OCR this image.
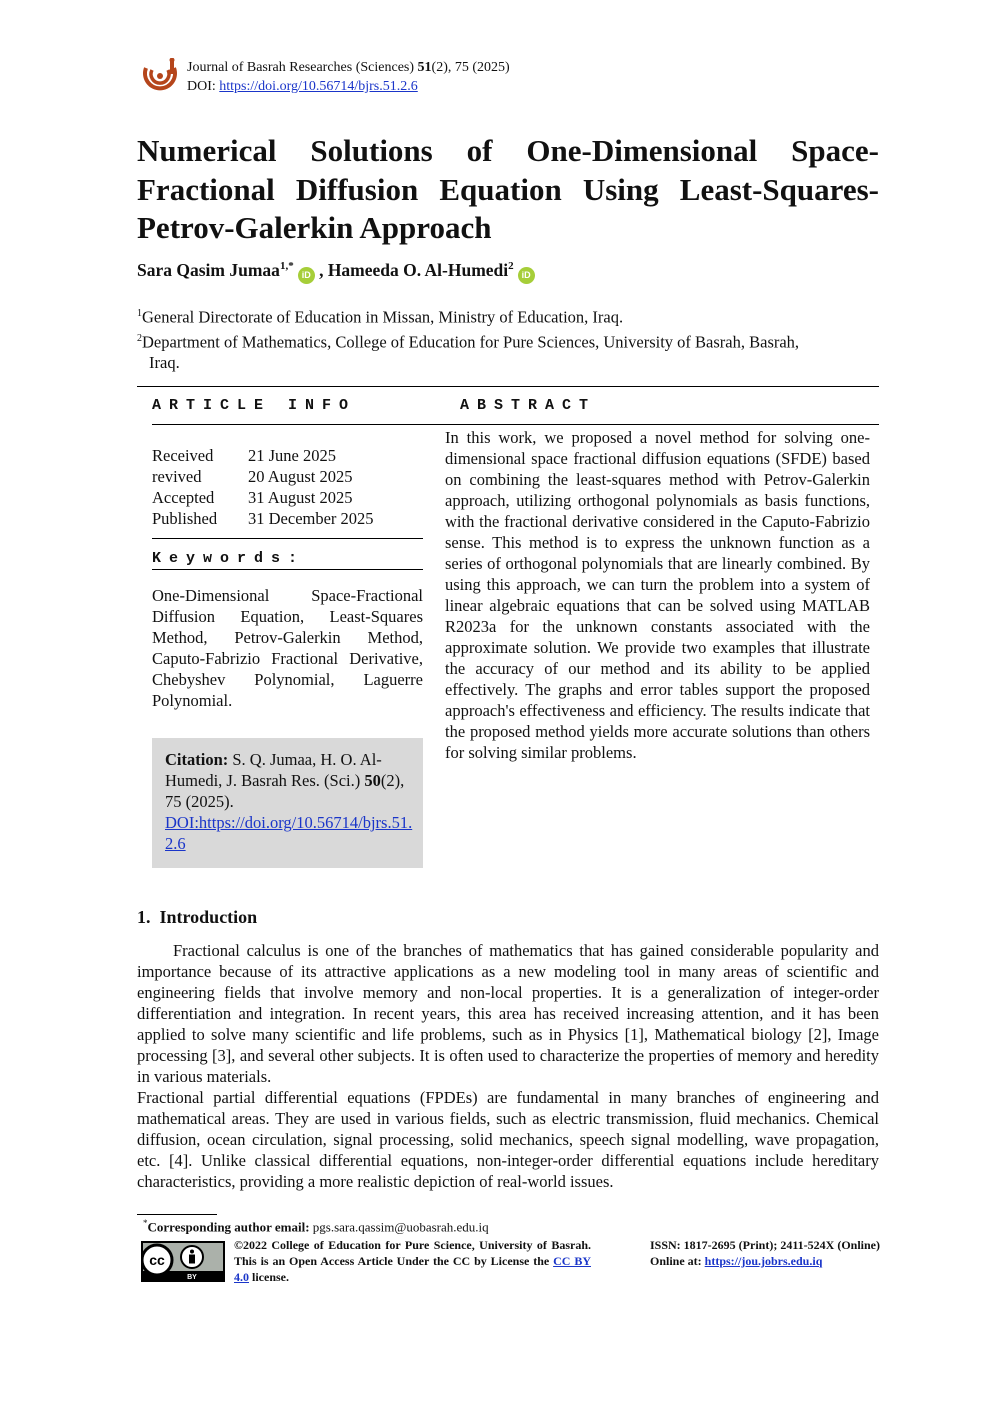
Journal of Basrah Researches (Sciences) 51(2), 75 (2025)
DOI: https://doi.org/10.56714/bjrs.51.2.6
Numerical Solutions of One-Dimensional Space-Fractional Diffusion Equation Using Least-Squares-Petrov-Galerkin Approach
Sara Qasim Jumaa$^{1,*}$iD , Hameeda O. Al-Humedi$^2$iD
$^1$General Directorate of Education in Missan, Ministry of Education, Iraq.
$^2$Department of Mathematics, College of Education for Pure Sciences, University of Basrah, Basrah,
Iraq.
ARTICLE INFO	ABSTRACT
Keywords:
Received	21 June 2025
revived	20 August 2025
Accepted	31 August 2025
Published	31 December 2025
One-Dimensional Space-Fractional Diffusion Equation, Least-Squares Method, Petrov-Galerkin Method, Caputo-Fabrizio Fractional Derivative, Chebyshev Polynomial, Laguerre Polynomial.
Citation: S. Q. Jumaa, H. O. Al-Humedi, J. Basrah Res. (Sci.) 50(2), 75 (2025).
DOI:https://doi.org/10.56714/bjrs.51.2.6
In this work, we proposed a novel method for solving one-dimensional space fractional diffusion equations (SFDE) based on combining the least-squares method with Petrov-Galerkin approach, utilizing orthogonal polynomials as basis functions, with the fractional derivative considered in the Caputo-Fabrizio sense. This method is to express the unknown function as a series of orthogonal polynomials that are linearly combined. By using this approach, we can turn the problem into a system of linear algebraic equations that can be solved using MATLAB R2023a for the unknown constants associated with the approximate solution. We provide two examples that illustrate the accuracy of our method and its ability to be applied effectively. The graphs and error tables support the proposed approach's effectiveness and efficiency. The results indicate that the proposed method yields more accurate solutions than others for solving similar problems.
1.  Introduction

Fractional calculus is one of the branches of mathematics that has gained considerable popularity and importance because of its attractive applications as a new modeling tool in many areas of scientific and engineering fields that involve memory and non-local properties. It is a generalization of integer-order differentiation and integration. In recent years, this area has received increasing attention, and it has been applied to solve many scientific and life problems, such as in Physics [1], Mathematical biology [2], Image processing [3], and several other subjects. It is often used to characterize the properties of memory and heredity in various materials.

Fractional partial differential equations (FPDEs) are fundamental in many branches of engineering and mathematical areas. They are used in various fields, such as electric transmission, fluid mechanics. Chemical diffusion, ocean circulation, signal processing, solid mechanics, speech signal modelling, wave propagation, etc. [4]. Unlike classical differential equations, non-integer-order differential equations include hereditary characteristics, providing a more realistic depiction of real-world issues.

*Corresponding author email: pgs.sara.qassim@uobasrah.edu.iq
cc
BY
©2022 College of Education for Pure Science, University of Basrah. This is an Open Access Article Under the CC by License the CC BY 4.0 license.
ISSN: 1817-2695 (Print); 2411-524X (Online)
Online at: https://jou.jobrs.edu.iq
